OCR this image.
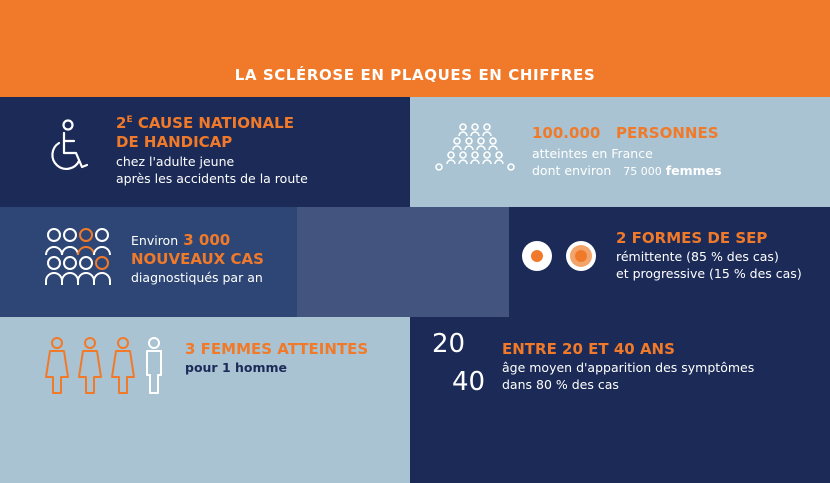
LA SCLÉROSE EN PLAQUES EN CHIFFRES
$2^E$ CAUSE NATIONALE
DE HANDICAP
chez l'adulte jeune
après les accidents de la route
100.000 PERSONNES
atteintes en France
dont environ 75 000 femmes
Environ 3 000
NOUVEAUX CAS
diagnostiqués par an
2 FORMES DE SEP
rémittente (85 % des cas)
et progressive (15 % des cas)
3 FEMMES ATTEINTES
pour 1 homme
20
40
ENTRE 20 ET 40 ANS
âge moyen d'apparition des symptômes
dans 80 % des cas
